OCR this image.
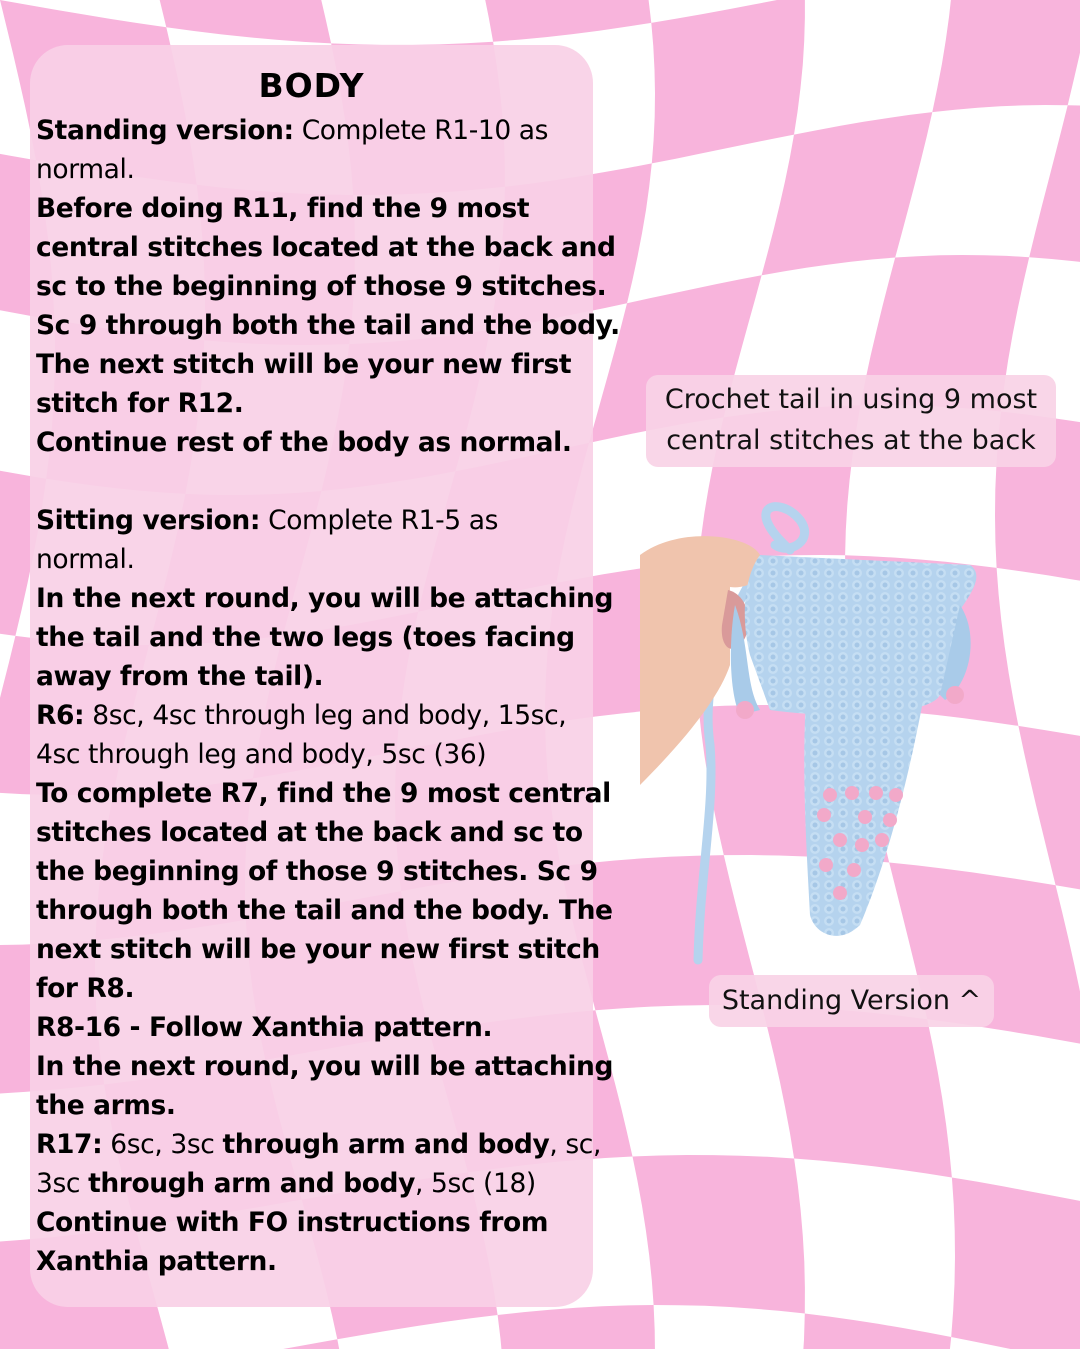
BODY
Standing version: Complete R1-10 as
normal.
Before doing R11, find the 9 most
central stitches located at the back and
sc to the beginning of those 9 stitches.
Sc 9 through both the tail and the body.
The next stitch will be your new first
stitch for R12.
Continue rest of the body as normal.
Sitting version: Complete R1-5 as
normal.
In the next round, you will be attaching
the tail and the two legs (toes facing
away from the tail).
R6: 8sc, 4sc through leg and body, 15sc,
4sc through leg and body, 5sc (36)
To complete R7, find the 9 most central
stitches located at the back and sc to
the beginning of those 9 stitches. Sc 9
through both the tail and the body. The
next stitch will be your new first stitch
for R8.
R8-16 - Follow Xanthia pattern.
In the next round, you will be attaching
the arms.
R17: 6sc, 3sc through arm and body, sc,
3sc through arm and body, 5sc (18)
Continue with FO instructions from
Xanthia pattern.
Crochet tail in using 9 most
central stitches at the back
Standing Version ^
